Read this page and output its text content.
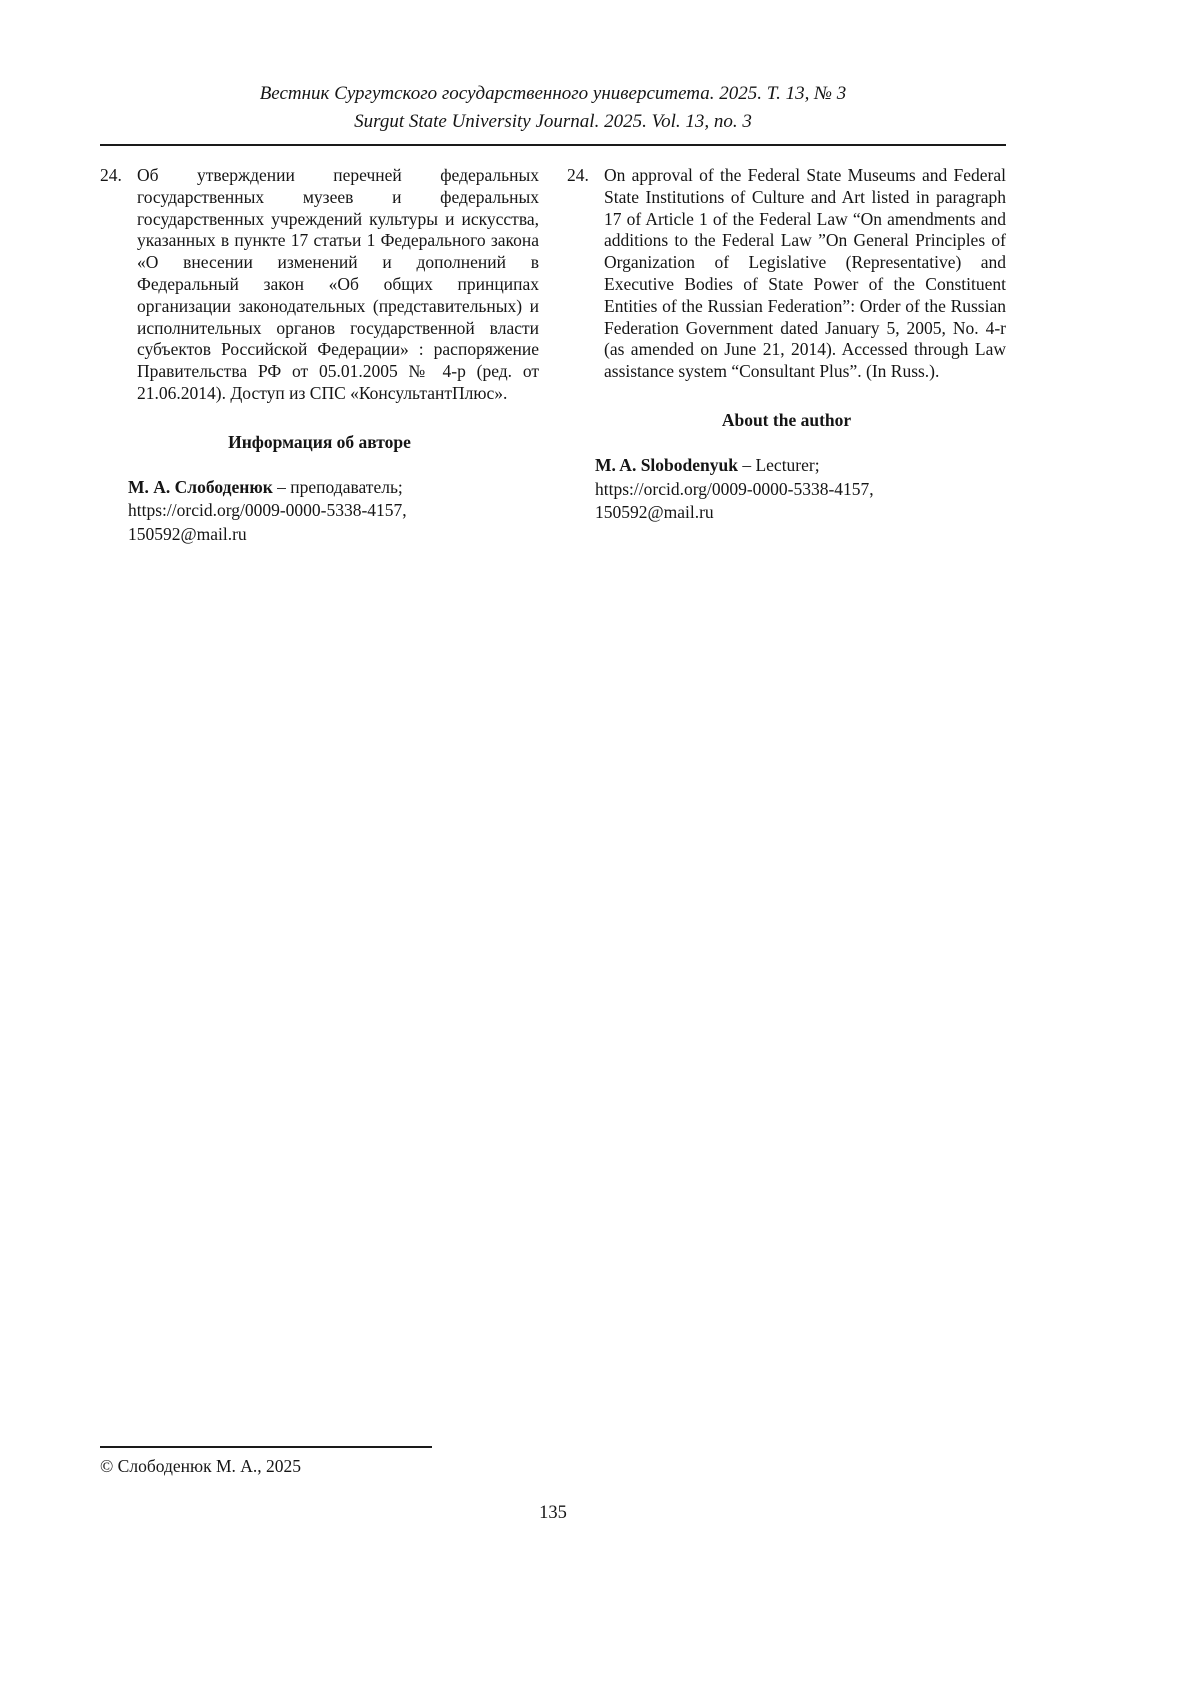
Вестник Сургутского государственного университета. 2025. Т. 13, № 3
Surgut State University Journal. 2025. Vol. 13, no. 3
24. Об утверждении перечней федеральных государственных музеев и федеральных государственных учреждений культуры и искусства, указанных в пункте 17 статьи 1 Федерального закона «О внесении изменений и дополнений в Федеральный закон «Об общих принципах организации законодательных (представительных) и исполнительных органов государственной власти субъектов Российской Федерации» : распоряжение Правительства РФ от 05.01.2005 № 4-р (ред. от 21.06.2014). Доступ из СПС «КонсультантПлюс».
Информация об авторе
М. А. Слободенюк – преподаватель;
https://orcid.org/0009-0000-5338-4157,
150592@mail.ru
24. On approval of the Federal State Museums and Federal State Institutions of Culture and Art listed in paragraph 17 of Article 1 of the Federal Law “On amendments and additions to the Federal Law ”On General Principles of Organization of Legislative (Representative) and Executive Bodies of State Power of the Constituent Entities of the Russian Federation”: Order of the Russian Federation Government dated January 5, 2005, No. 4-r (as amended on June 21, 2014). Accessed through Law assistance system “Consultant Plus”. (In Russ.).
About the author
M. A. Slobodenyuk – Lecturer;
https://orcid.org/0009-0000-5338-4157,
150592@mail.ru
© Слободенюк М. А., 2025
135
